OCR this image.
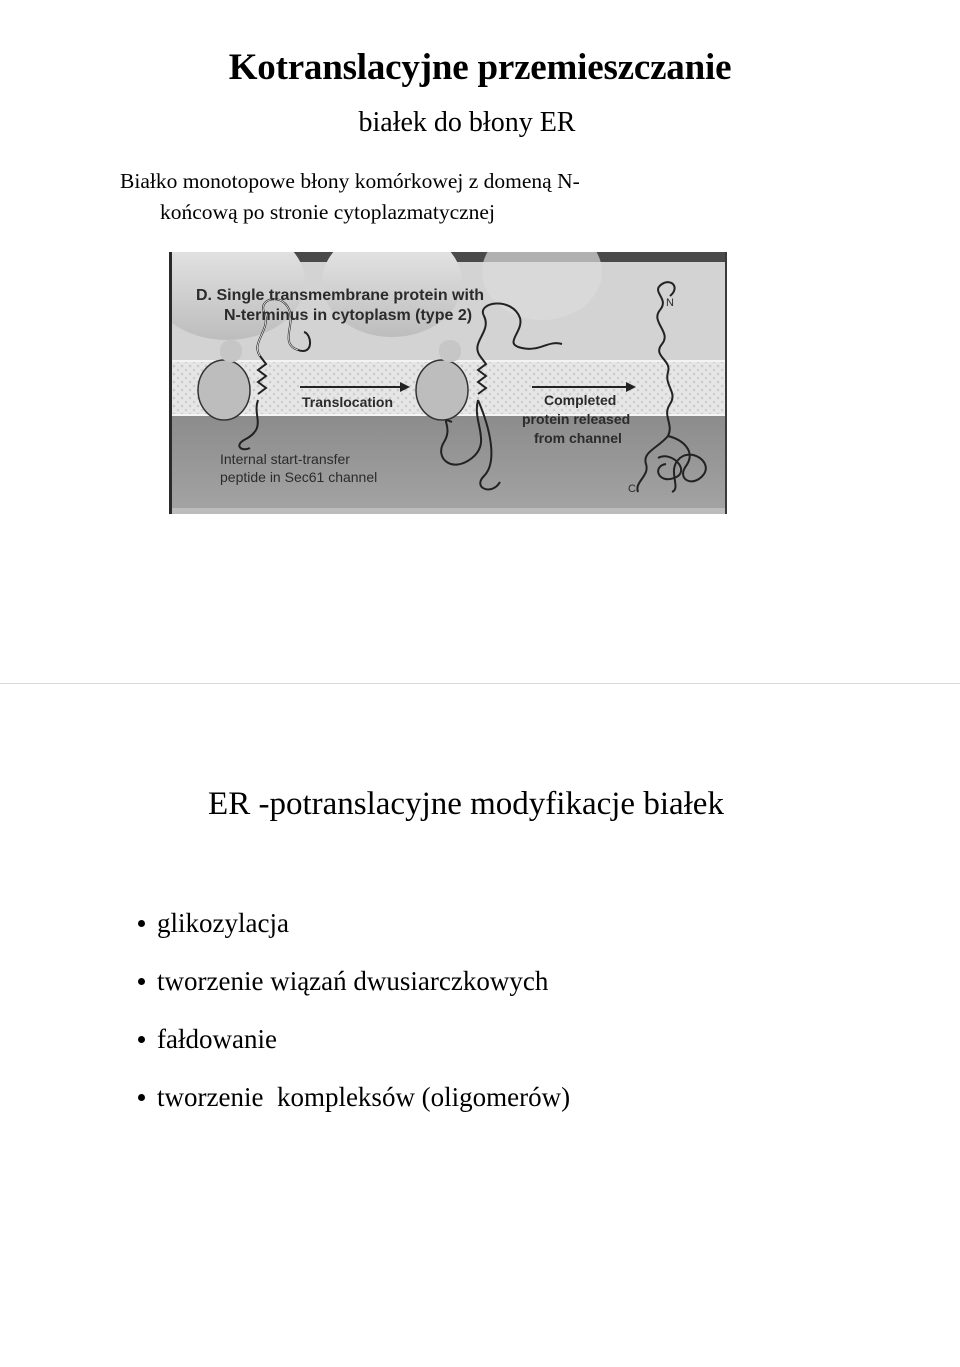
Kotranslacyjne przemieszczanie
białek do błony ER
Białko monotopowe błony komórkowej z domeną N-
końcową po stronie cytoplazmatycznej
D. Single transmembrane protein with
N-terminus in cytoplasm (type 2)
Translocation	Completed
protein released
from channel
Internal start-transfer
peptide in Sec61 channel
N
C
ER -potranslacyjne modyfikacje białek
glikozylacja
tworzenie wiązań dwusiarczkowych
fałdowanie
tworzenie  kompleksów (oligomerów)
